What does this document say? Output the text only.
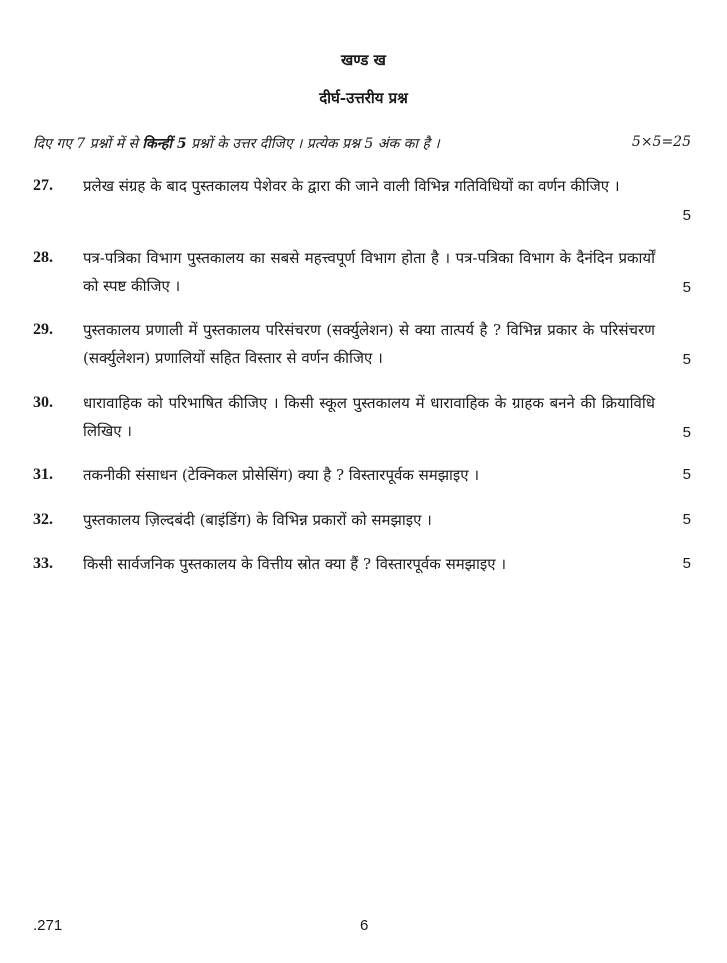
खण्ड ख
दीर्घ-उत्तरीय प्रश्न
दिए गए 7 प्रश्नों में से किन्हीं 5 प्रश्नों के उत्तर दीजिए । प्रत्येक प्रश्न 5 अंक का है ।	5×5=25
27. प्रलेख संग्रह के बाद पुस्तकालय पेशेवर के द्वारा की जाने वाली विभिन्न गतिविधियों का वर्णन कीजिए ।
5
28. पत्र-पत्रिका विभाग पुस्तकालय का सबसे महत्त्वपूर्ण विभाग होता है । पत्र-पत्रिका विभाग के दैनंदिन प्रकार्यों को स्पष्ट कीजिए ।	5
29. पुस्तकालय प्रणाली में पुस्तकालय परिसंचरण (सर्क्युलेशन) से क्या तात्पर्य है ? विभिन्न प्रकार के परिसंचरण (सर्क्युलेशन) प्रणालियों सहित विस्तार से वर्णन कीजिए ।	5
30. धारावाहिक को परिभाषित कीजिए । किसी स्कूल पुस्तकालय में धारावाहिक के ग्राहक बनने की क्रियाविधि लिखिए ।	5
31. तकनीकी संसाधन (टेक्निकल प्रोसेसिंग) क्या है ? विस्तारपूर्वक समझाइए ।	5
32. पुस्तकालय ज़िल्दबंदी (बाइंडिंग) के विभिन्न प्रकारों को समझाइए ।	5
33. किसी सार्वजनिक पुस्तकालय के वित्तीय स्रोत क्या हैं ? विस्तारपूर्वक समझाइए ।	5
.271	6
